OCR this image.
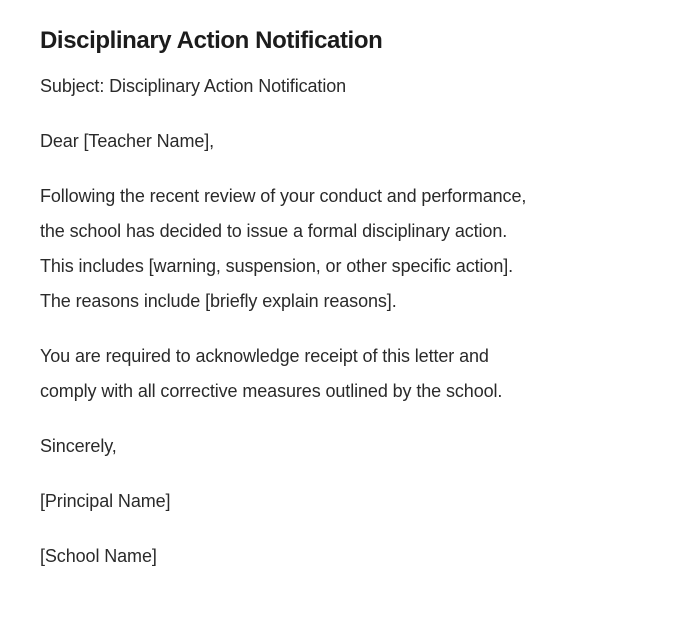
Disciplinary Action Notification
Subject: Disciplinary Action Notification
Dear [Teacher Name],
Following the recent review of your conduct and performance,
the school has decided to issue a formal disciplinary action.
This includes [warning, suspension, or other specific action].
The reasons include [briefly explain reasons].
You are required to acknowledge receipt of this letter and
comply with all corrective measures outlined by the school.
Sincerely,
[Principal Name]
[School Name]
